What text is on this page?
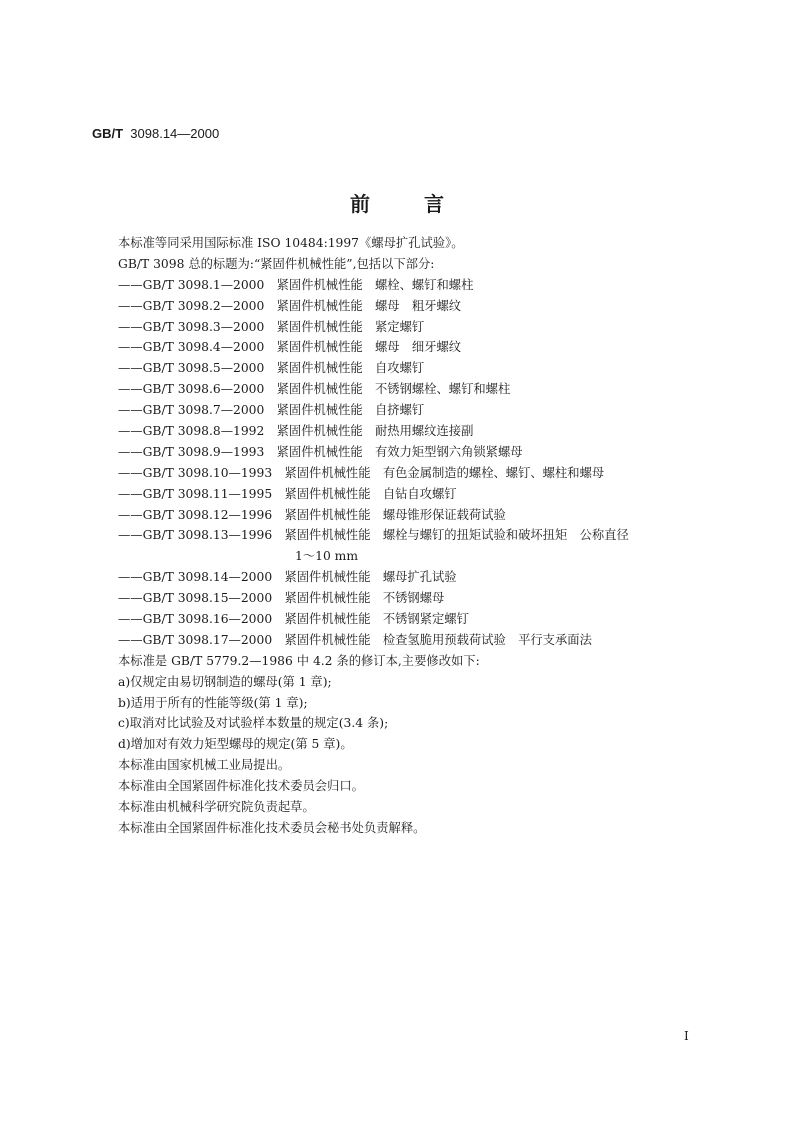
GB/T 3098.14—2000
前言
本标准等同采用国际标准 ISO 10484:1997《螺母扩孔试验》。
GB/T 3098 总的标题为:“紧固件机械性能”,包括以下部分:
——GB/T 3098.1—2000　紧固件机械性能　螺栓、螺钉和螺柱
——GB/T 3098.2—2000　紧固件机械性能　螺母　粗牙螺纹
——GB/T 3098.3—2000　紧固件机械性能　紧定螺钉
——GB/T 3098.4—2000　紧固件机械性能　螺母　细牙螺纹
——GB/T 3098.5—2000　紧固件机械性能　自攻螺钉
——GB/T 3098.6—2000　紧固件机械性能　不锈钢螺栓、螺钉和螺柱
——GB/T 3098.7—2000　紧固件机械性能　自挤螺钉
——GB/T 3098.8—1992　紧固件机械性能　耐热用螺纹连接副
——GB/T 3098.9—1993　紧固件机械性能　有效力矩型钢六角锁紧螺母
——GB/T 3098.10—1993　紧固件机械性能　有色金属制造的螺栓、螺钉、螺柱和螺母
——GB/T 3098.11—1995　紧固件机械性能　自钻自攻螺钉
——GB/T 3098.12—1996　紧固件机械性能　螺母锥形保证载荷试验
——GB/T 3098.13—1996　紧固件机械性能　螺栓与螺钉的扭矩试验和破坏扭矩　公称直径
1～10 mm
——GB/T 3098.14—2000　紧固件机械性能　螺母扩孔试验
——GB/T 3098.15—2000　紧固件机械性能　不锈钢螺母
——GB/T 3098.16—2000　紧固件机械性能　不锈钢紧定螺钉
——GB/T 3098.17—2000　紧固件机械性能　检查氢脆用预载荷试验　平行支承面法
本标准是 GB/T 5779.2—1986 中 4.2 条的修订本,主要修改如下:
a)仅规定由易切钢制造的螺母(第 1 章);
b)适用于所有的性能等级(第 1 章);
c)取消对比试验及对试验样本数量的规定(3.4 条);
d)增加对有效力矩型螺母的规定(第 5 章)。
本标准由国家机械工业局提出。
本标准由全国紧固件标准化技术委员会归口。
本标准由机械科学研究院负责起草。
本标准由全国紧固件标准化技术委员会秘书处负责解释。
I
